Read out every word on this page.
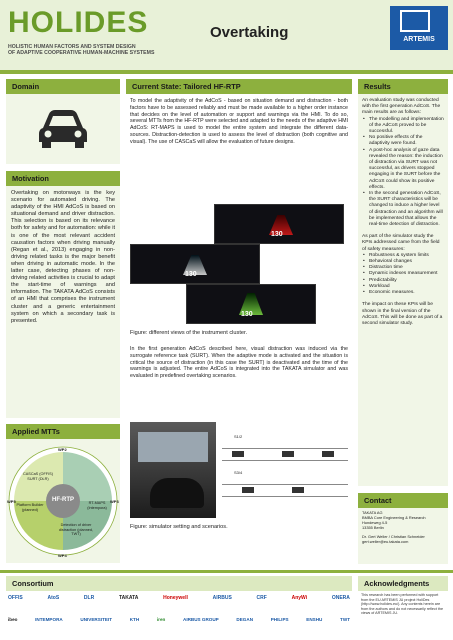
HOLIDES
HOLISTIC HUMAN FACTORS AND SYSTEM DESIGN
OF ADAPTIVE COOPERATIVE HUMAN-MACHINE SYSTEMS
Overtaking	ARTEMIS
Domain
Motivation
Overtaking on motorways is the key scenario for automated driving. The adaptivity of the HMI AdCoS is based on situational demand and driver distraction. This selection is based on its relevance both for safety and for automation: while it is one of the most relevant accident causation factors when driving manually (Regan et al., 2013) engaging in non-driving related tasks is the major benefit when driving in automatic mode. In the latter case, detecting phases of non-driving related activities is crucial to adapt the start-time of warnings and information. The TAKATA AdCoS consists of an HMI that comprises the instrument cluster and a generic entertainment system on which a secondary task is presented.
Applied MTTs
HF-RTP
CASCaS (OFFIS) SURT (DLR)
RT-MAPS (Intempora)
Detection of driver distraction (planned, TWT)
Platform Builder (planned)
WP2
WP3
WP4
WP5
Current State: Tailored HF-RTP
To model the adaptivity of the AdCoS - based on situation demand and distraction - both factors have to be assessed reliably and must be made available to a higher order instance that decides on the level of automation or support and warnings via the HMI. To do so, several MTTs from the HF-RTP were selected and adapted to the needs of the adaptive HMI AdCoS: RT-MAPS is used to model the entire system and integrate the different data-sources. Distraction-detection is used to assess the level of distraction (both cognitive and visual). The use of CASCaS will allow the evaluation of future designs.
130
130
130
Figure: different views of the instrument cluster.
In the first generation AdCoS described here, visual distraction was induced via the surrogate reference task (SURT). When the adaptive mode is activated and the situation is critical the source of distraction (in this case the SURT) is deactivated and the time of the warnings is adjusted. The entire AdCoS is integrated into the TAKATA simulator and was evaluated in predefined overtaking scenarios.
S1/2
S3/4
Figure: simulator setting and scenarios.
Results
An evaluation study was conducted with the first generation AdCoS. The main results are as follows:
• The modelling and implementation of the AdCoS proved to be successful.
• No positive effects of the adaptivity were found.
• A post-hoc analysis of gaze data revealed the reason: the induction of distraction via SURT was not successful, as drivers stopped engaging in the SURT before the AdCoS could show its positive effects.
• In the second generation AdCoS, the SURT characteristics will be changed to induce a higher level of distraction and an algorithm will be implemented that allows the real-time detection of distraction.
As part of the simulator study the KPIs addressed came from the field of safety measures:
• Robustness & system limits
• Behavioral changes
• Distraction time
• Dynamic indexes measurement
• Predictability
• Workload
• Economic measures.
The impact on these KPIs will be shown in the final version of the AdCoS. This will be done as part of a second simulator study.
Contact
TAKATA AG
BMBA Core Engineering & Research
Hundeweg 4-5
13355 Berlin
Dr. Gert Weller / Christian Schneider
gert.weller@eu.takata.com
Consortium
OFFIS	AtoS	DLR	TAKATA	Honeywell	AIRBUS	CRF	AnyWi	ONERA
ibeo	INTEMPORA	UNIVERSITEIT	KTH	iren	AIRBUS GROUP	DEGAN	PHILIPS	ENSHU	TWT
Acknowledgments
This research has been performed with support from the EU ARTEMIS JU project HoliDes (http://www.holides.eu/). Any contents herein are from the authors and do not necessarily reflect the views of ARTEMIS JU.
